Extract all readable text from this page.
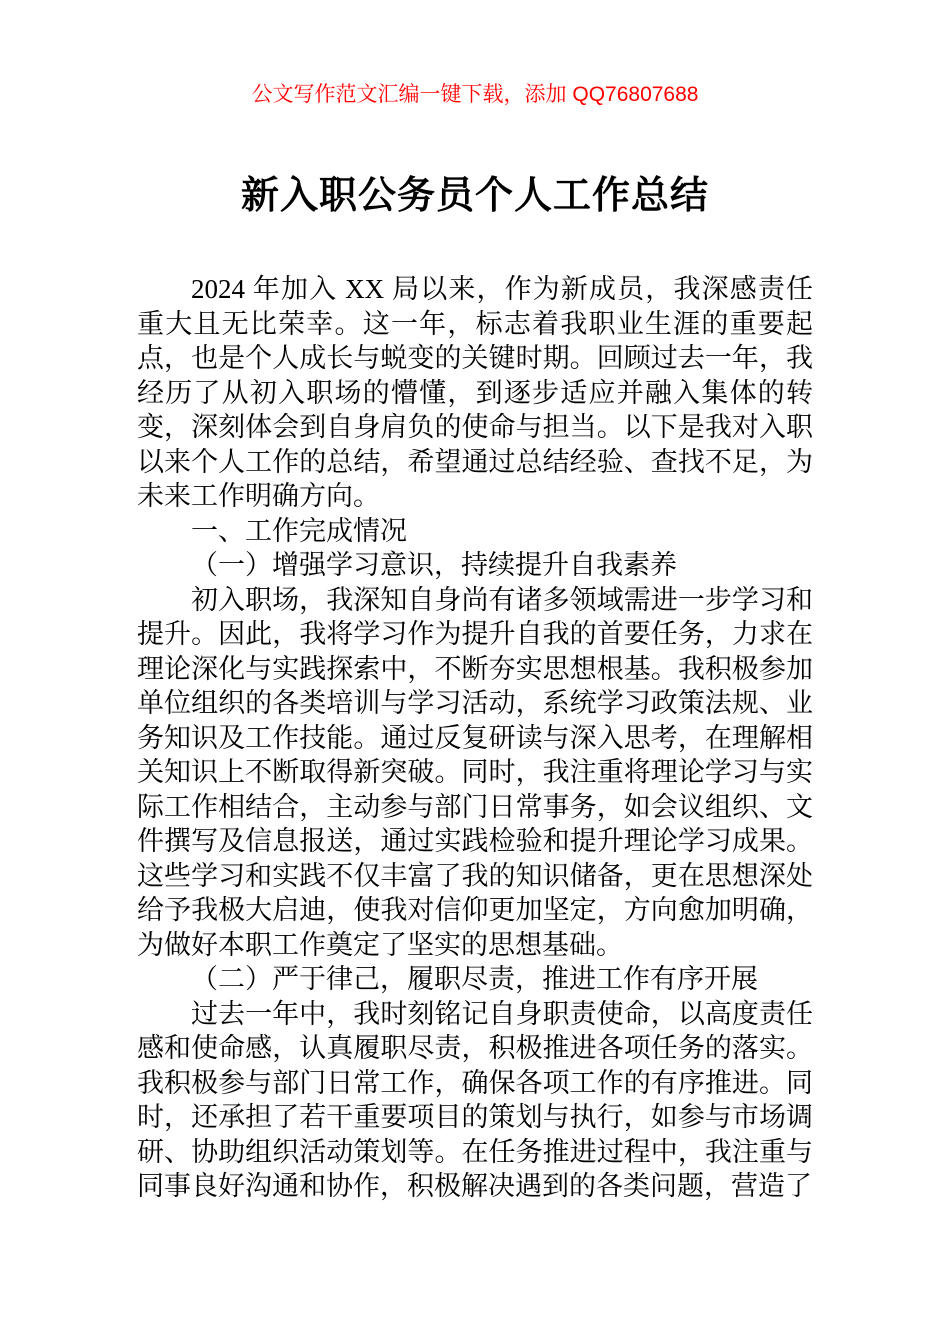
公文写作范文汇编一键下载，添加 QQ76807688
新入职公务员个人工作总结

2024 年加入 XX 局以来，作为新成员，我深感责任重大且无比荣幸。这一年，标志着我职业生涯的重要起点，也是个人成长与蜕变的关键时期。回顾过去一年，我经历了从初入职场的懵懂，到逐步适应并融入集体的转变，深刻体会到自身肩负的使命与担当。以下是我对入职以来个人工作的总结，希望通过总结经验、查找不足，为未来工作明确方向。

一、工作完成情况

（一）增强学习意识，持续提升自我素养

初入职场，我深知自身尚有诸多领域需进一步学习和提升。因此，我将学习作为提升自我的首要任务，力求在理论深化与实践探索中，不断夯实思想根基。我积极参加单位组织的各类培训与学习活动，系统学习政策法规、业务知识及工作技能。通过反复研读与深入思考，在理解相关知识上不断取得新突破。同时，我注重将理论学习与实际工作相结合，主动参与部门日常事务，如会议组织、文件撰写及信息报送，通过实践检验和提升理论学习成果。这些学习和实践不仅丰富了我的知识储备，更在思想深处给予我极大启迪，使我对信仰更加坚定，方向愈加明确，为做好本职工作奠定了坚实的思想基础。

（二）严于律己，履职尽责，推进工作有序开展

过去一年中，我时刻铭记自身职责使命，以高度责任感和使命感，认真履职尽责，积极推进各项任务的落实。我积极参与部门日常工作，确保各项工作的有序推进。同时，还承担了若干重要项目的策划与执行，如参与市场调研、协助组织活动策划等。在任务推进过程中，我注重与同事良好沟通和协作，积极解决遇到的各类问题，营造了
